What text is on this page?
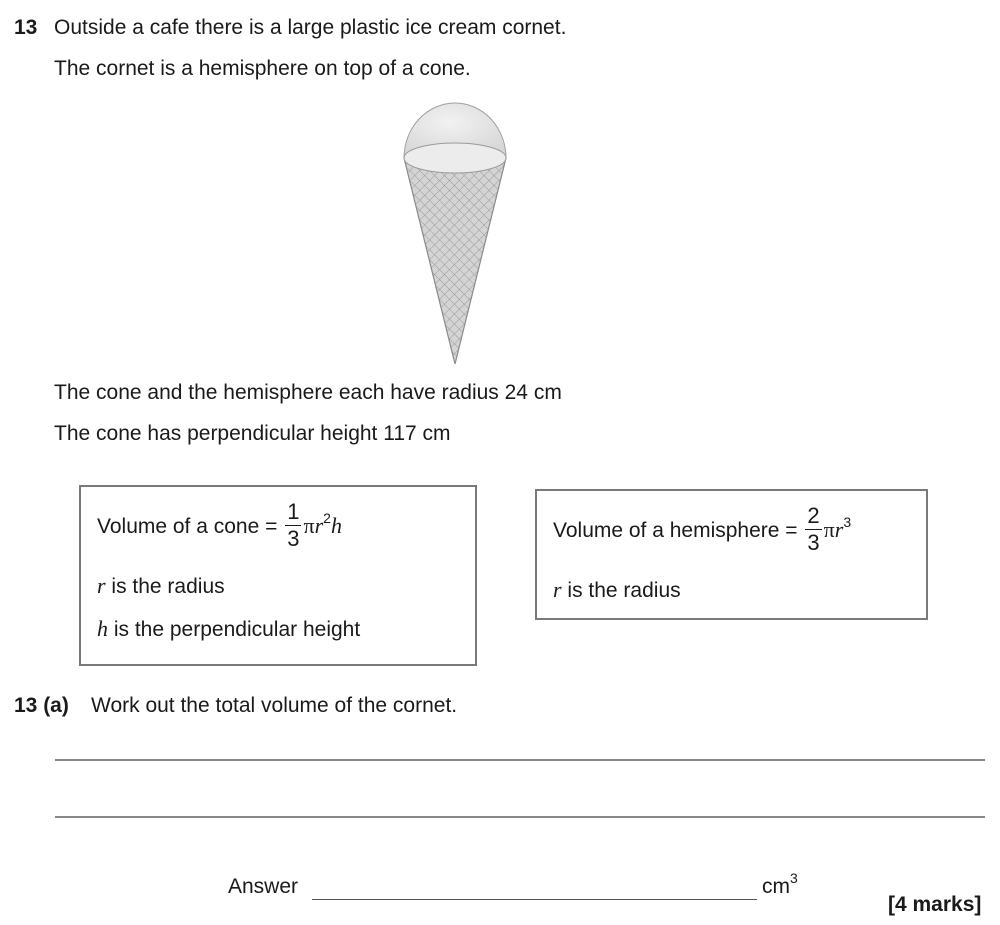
13 Outside a cafe there is a large plastic ice cream cornet.
The cornet is a hemisphere on top of a cone.
The cone and the hemisphere each have radius 24 cm
The cone has perpendicular height 117 cm
Volume of a cone = $\frac{1}{3} \pi r^2h$
r is the radius
h is the perpendicular height
Volume of a hemisphere = $\frac{2}{3} \pi r^3$
r is the radius
13 (a) Work out the total volume of the cornet.
Answer	$cm^3$
[4 marks]
